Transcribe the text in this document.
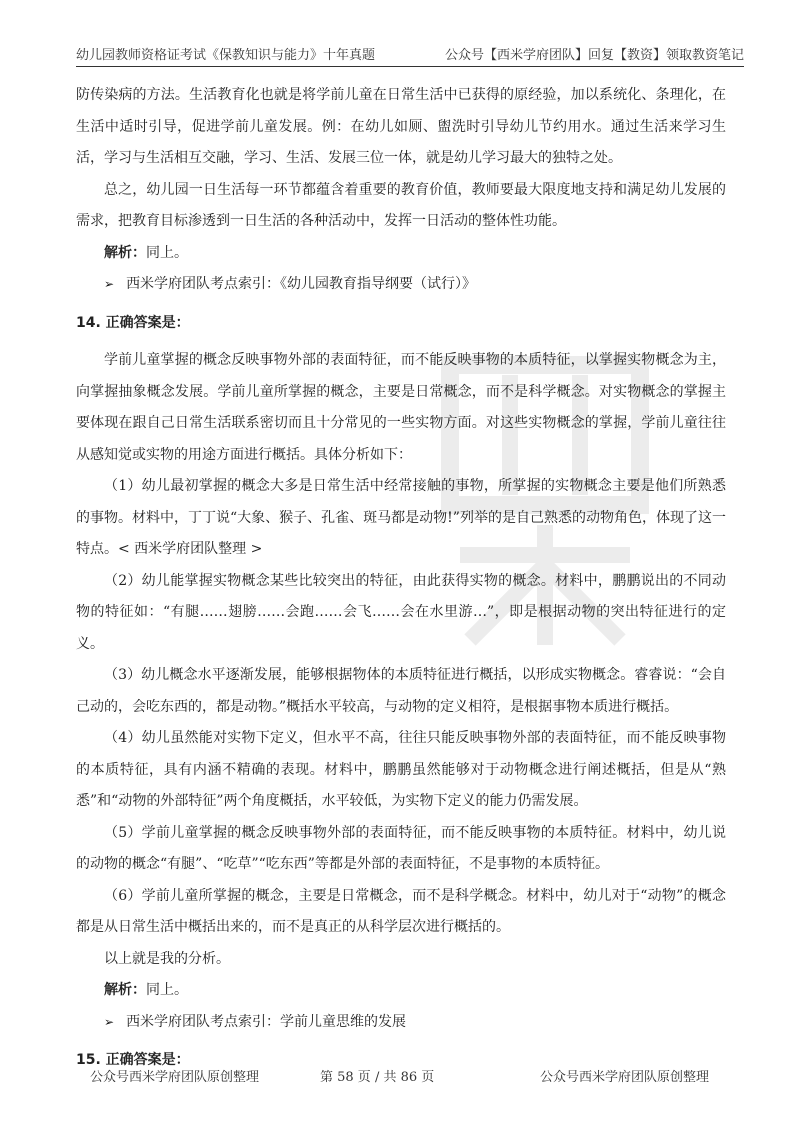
幼儿园教师资格证考试《保教知识与能力》十年真题	公众号【西米学府团队】回复【教资】领取教资笔记

防传染病的方法。生活教育化也就是将学前儿童在日常生活中已获得的原经验，加以系统化、条理化，在生活中适时引导，促进学前儿童发展。例：在幼儿如厕、盥洗时引导幼儿节约用水。通过生活来学习生活，学习与生活相互交融，学习、生活、发展三位一体，就是幼儿学习最大的独特之处。

总之，幼儿园一日生活每一环节都蕴含着重要的教育价值，教师要最大限度地支持和满足幼儿发展的需求，把教育目标渗透到一日生活的各种活动中，发挥一日活动的整体性功能。

解析：同上。

➢ 西米学府团队考点索引：《幼儿园教育指导纲要（试行）》

14. 正确答案是：

学前儿童掌握的概念反映事物外部的表面特征，而不能反映事物的本质特征，以掌握实物概念为主，向掌握抽象概念发展。学前儿童所掌握的概念，主要是日常概念，而不是科学概念。对实物概念的掌握主要体现在跟自己日常生活联系密切而且十分常见的一些实物方面。对这些实物概念的掌握，学前儿童往往从感知觉或实物的用途方面进行概括。具体分析如下：

（1）幼儿最初掌握的概念大多是日常生活中经常接触的事物，所掌握的实物概念主要是他们所熟悉的事物。材料中，丁丁说“大象、猴子、孔雀、斑马都是动物!”列举的是自己熟悉的动物角色，体现了这一特点。< 西米学府团队整理 >

（2）幼儿能掌握实物概念某些比较突出的特征，由此获得实物的概念。材料中，鹏鹏说出的不同动物的特征如：“有腿……翅膀……会跑……会飞……会在水里游…”，即是根据动物的突出特征进行的定义。

（3）幼儿概念水平逐渐发展，能够根据物体的本质特征进行概括，以形成实物概念。睿睿说：“会自己动的，会吃东西的，都是动物。”概括水平较高，与动物的定义相符，是根据事物本质进行概括。

（4）幼儿虽然能对实物下定义，但水平不高，往往只能反映事物外部的表面特征，而不能反映事物的本质特征，具有内涵不精确的表现。材料中，鹏鹏虽然能够对于动物概念进行阐述概括，但是从“熟悉”和“动物的外部特征”两个角度概括，水平较低，为实物下定义的能力仍需发展。

（5）学前儿童掌握的概念反映事物外部的表面特征，而不能反映事物的本质特征。材料中，幼儿说的动物的概念“有腿”、“吃草”“吃东西”等都是外部的表面特征，不是事物的本质特征。

（6）学前儿童所掌握的概念，主要是日常概念，而不是科学概念。材料中，幼儿对于“动物”的概念都是从日常生活中概括出来的，而不是真正的从科学层次进行概括的。

以上就是我的分析。

解析：同上。

➢ 西米学府团队考点索引：学前儿童思维的发展

15. 正确答案是：

公众号西米学府团队原创整理	第 58 页 / 共 86 页	公众号西米学府团队原创整理
